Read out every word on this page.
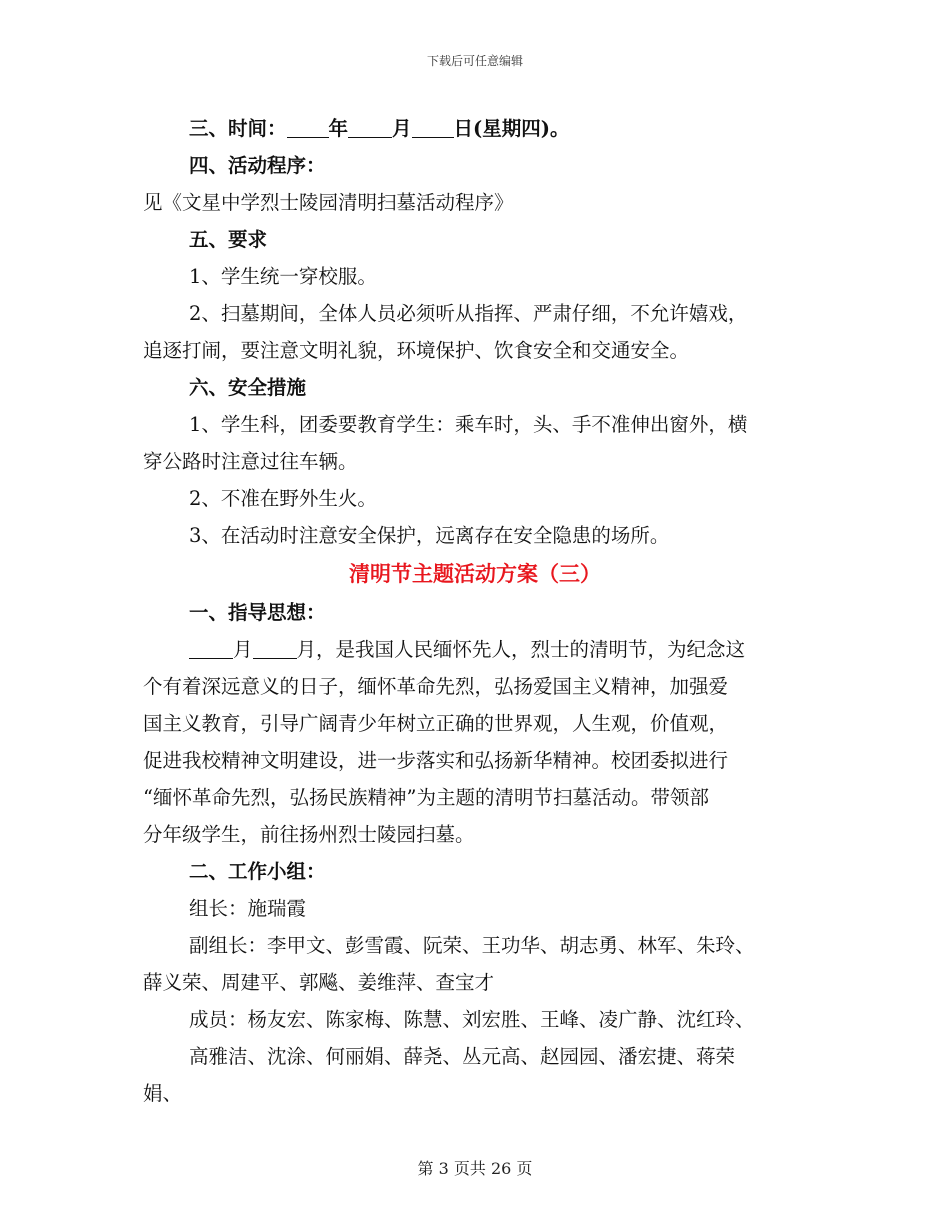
下载后可任意编辑
三、时间： 年 月 日(星期四)。
四、活动程序：
见《文星中学烈士陵园清明扫墓活动程序》
五、要求
1、学生统一穿校服。
2、扫墓期间，全体人员必须听从指挥、严肃仔细，不允许嬉戏，
追逐打闹，要注意文明礼貌，环境保护、饮食安全和交通安全。
六、安全措施
1、学生科，团委要教育学生：乘车时，头、手不准伸出窗外，横
穿公路时注意过往车辆。
2、不准在野外生火。
3、在活动时注意安全保护，远离存在安全隐患的场所。
清明节主题活动方案（三）
一、指导思想：
月 月，是我国人民缅怀先人，烈士的清明节，为纪念这
个有着深远意义的日子，缅怀革命先烈，弘扬爱国主义精神，加强爱
国主义教育，引导广阔青少年树立正确的世界观，人生观，价值观，
促进我校精神文明建设，进一步落实和弘扬新华精神。校团委拟进行
“缅怀革命先烈，弘扬民族精神”为主题的清明节扫墓活动。带领部
分年级学生，前往扬州烈士陵园扫墓。
二、工作小组：
组长：施瑞霞
副组长：李甲文、彭雪霞、阮荣、王功华、胡志勇、林军、朱玲、
薛义荣、周建平、郭飚、姜维萍、查宝才
成员：杨友宏、陈家梅、陈慧、刘宏胜、王峰、凌广静、沈红玲、
高雅洁、沈涂、何丽娟、薛尧、丛元高、赵园园、潘宏捷、蒋荣
娟、
第 3 页共 26 页
